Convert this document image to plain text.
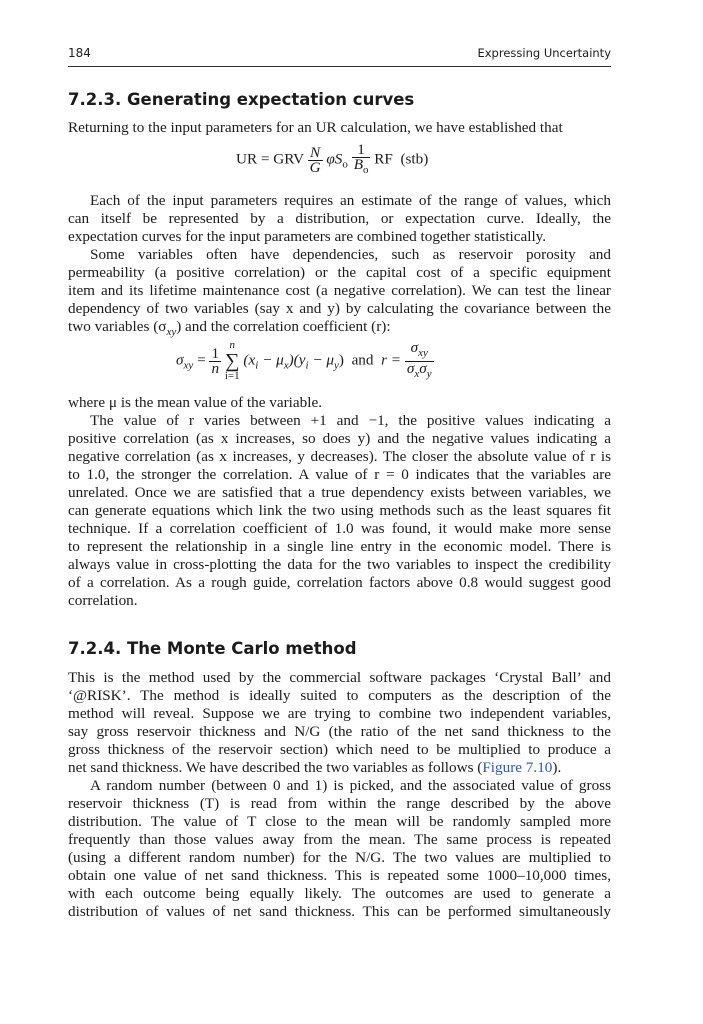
184	Expressing Uncertainty
7.2.3. Generating expectation curves
Returning to the input parameters for an UR calculation, we have established that
UR = GRV $\frac{N}{G} \varphi S_o \frac{1}{B_o}$ RF  (stb)
Each of the input parameters requires an estimate of the range of values, which
can itself be represented by a distribution, or expectation curve. Ideally, the
expectation curves for the input parameters are combined together statistically.
Some variables often have dependencies, such as reservoir porosity and
permeability (a positive correlation) or the capital cost of a specific equipment
item and its lifetime maintenance cost (a negative correlation). We can test the linear
dependency of two variables (say x and y) by calculating the covariance between the
two variables $(\sigma_{xy})$ and the correlation coefficient (r):
$\sigma_{xy} = \frac{1}{n}$

n
∑
i=1
$(x_i - \mu_x)(y_i - \mu_y)$ and $r = \frac{\sigma_{xy}}{\sigma_x\sigma_y}$
where μ is the mean value of the variable.
The value of r varies between +1 and −1, the positive values indicating a
positive correlation (as x increases, so does y) and the negative values indicating a
negative correlation (as x increases, y decreases). The closer the absolute value of r is
to 1.0, the stronger the correlation. A value of r = 0 indicates that the variables are
unrelated. Once we are satisfied that a true dependency exists between variables, we
can generate equations which link the two using methods such as the least squares fit
technique. If a correlation coefficient of 1.0 was found, it would make more sense
to represent the relationship in a single line entry in the economic model. There is
always value in cross-plotting the data for the two variables to inspect the credibility
of a correlation. As a rough guide, correlation factors above 0.8 would suggest good
correlation.
7.2.4. The Monte Carlo method
This is the method used by the commercial software packages ‘Crystal Ball’ and
‘@RISK’. The method is ideally suited to computers as the description of the
method will reveal. Suppose we are trying to combine two independent variables,
say gross reservoir thickness and N/G (the ratio of the net sand thickness to the
gross thickness of the reservoir section) which need to be multiplied to produce a
net sand thickness. We have described the two variables as follows (Figure 7.10).
A random number (between 0 and 1) is picked, and the associated value of gross
reservoir thickness (T) is read from within the range described by the above
distribution. The value of T close to the mean will be randomly sampled more
frequently than those values away from the mean. The same process is repeated
(using a different random number) for the N/G. The two values are multiplied to
obtain one value of net sand thickness. This is repeated some 1000–10,000 times,
with each outcome being equally likely. The outcomes are used to generate a
distribution of values of net sand thickness. This can be performed simultaneously
